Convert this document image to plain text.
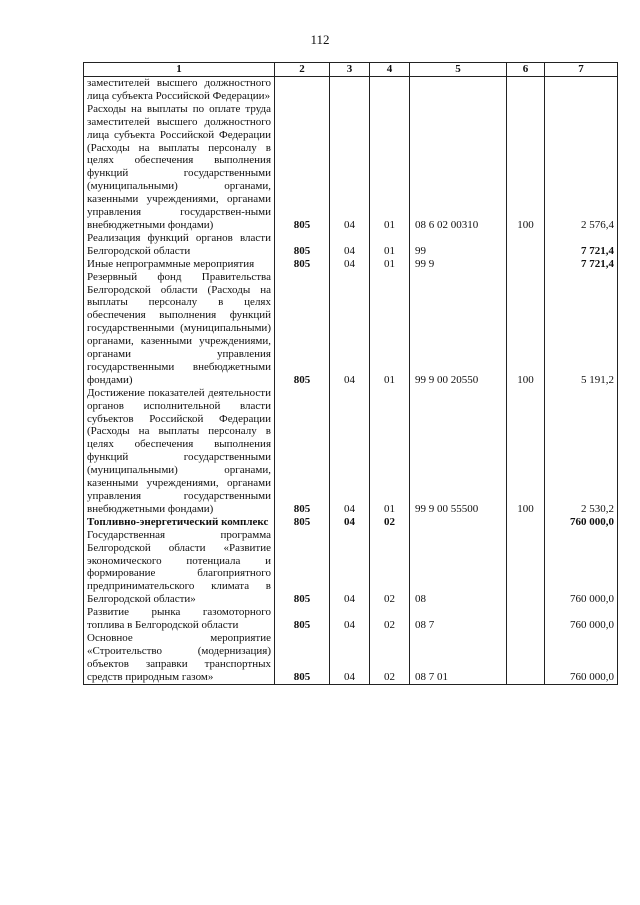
112
1	2	3	4	5	6	7
заместителей высшего должностного лица субъекта Российской Федерации»						
Расходы на выплаты по оплате труда заместителей высшего должностного лица субъекта Российской Федерации (Расходы на выплаты персоналу в целях обеспечения выполнения функций государственными (муниципальными) органами, казенными учреждениями, органами управления государствен-ными внебюджетными фондами)	805	04	01	08 6 02 00310	100	2 576,4
Реализация функций органов власти Белгородской области	805	04	01	99		7 721,4
Иные непрограммные мероприятия	805	04	01	99 9		7 721,4
Резервный фонд Правительства Белгородской области (Расходы на выплаты персоналу в целях обеспечения выполнения функций государственными (муниципальными) органами, казенными учреждениями, органами управления государственными внебюджетными фондами)	805	04	01	99 9 00 20550	100	5 191,2
Достижение показателей деятельности органов исполнительной власти субъектов Российской Федерации (Расходы на выплаты персоналу в целях обеспечения выполнения функций государственными (муниципальными) органами, казенными учреждениями, органами управления государственными внебюджетными фондами)	805	04	01	99 9 00 55500	100	2 530,2
Топливно-энергетический комплекс	805	04	02			760 000,0
Государственная программа Белгородской области «Развитие экономического потенциала и формирование благоприятного предпринимательского климата в Белгородской области»	805	04	02	08		760 000,0
Развитие рынка газомоторного топлива в Белгородской области	805	04	02	08 7		760 000,0
Основное мероприятие «Строительство (модернизация) объектов заправки транспортных средств природным газом»	805	04	02	08 7 01		760 000,0
